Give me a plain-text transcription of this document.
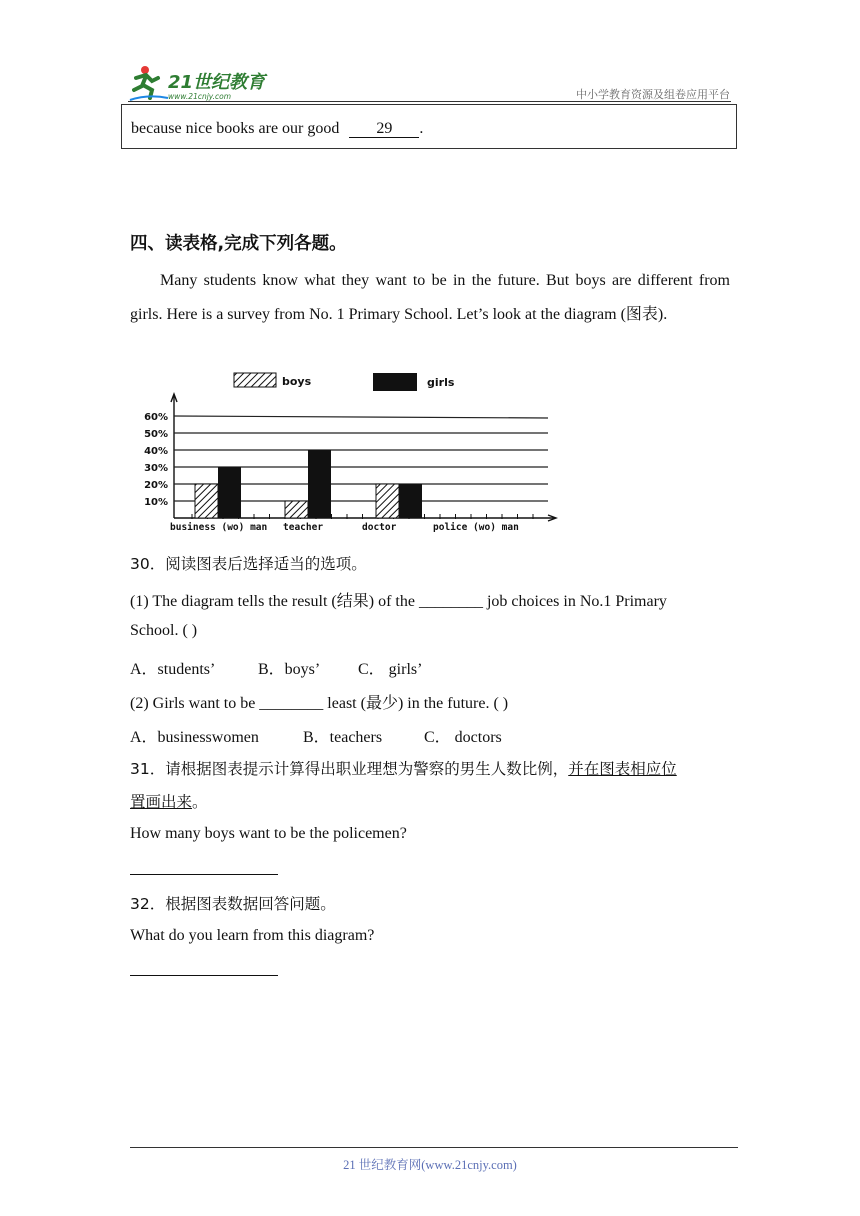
21世纪教育
www.21cnjy.com	中小学教育资源及组卷应用平台
because nice books are our good 29 .
四、读表格,完成下列各题。
Many students know what they want to be in the future. But boys are different from girls. Here is a survey from No. 1 Primary School. Let’s look at the diagram (图表).
boys	girls
10%
20%
30%
40%
50%
60%
business (wo) man teacher	doctor	police (wo) man
30．阅读图表后选择适当的选项。
(1) The diagram tells the result (结果) of the ________ job choices in No.1 Primary
School. ( )
A．students’	B．boys’ C． girls’
(2) Girls want to be ________ least (最少) in the future. ( )
A．businesswomen	B．teachers	C． doctors
31．请根据图表提示计算得出职业理想为警察的男生人数比例，并在图表相应位
置画出来。
How many boys want to be the policemen?
32．根据图表数据回答问题。
What do you learn from this diagram?
21 世纪教育网(www.21cnjy.com)
